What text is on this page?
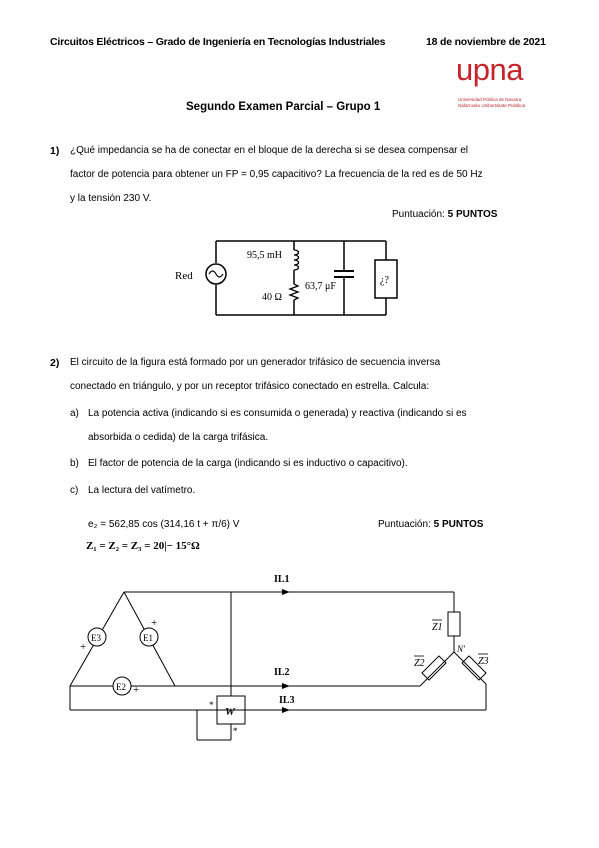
Circuitos Eléctricos – Grado de Ingeniería en Tecnologías Industriales	18 de noviembre de 2021
upna
Universidad Pública de Navarra
Nafarroako Unibertsitate Publikoa
Segundo Examen Parcial – Grupo 1
1) ¿Qué impedancia se ha de conectar en el bloque de la derecha si se desea compensar el
factor de potencia para obtener un FP = 0,95 capacitivo? La frecuencia de la red es de 50 Hz
y la tensión 230 V.
Puntuación: 5 PUNTOS
Red
95,5 mH
40 Ω
63,7 μF
¿?
2) El circuito de la figura está formado por un generador trifásico de secuencia inversa
conectado en triángulo, y por un receptor trifásico conectado en estrella. Calcula:
a) La potencia activa (indicando si es consumida o generada) y reactiva (indicando si es
absorbida o cedida) de la carga trifásica.
b) El factor de potencia de la carga (indicando si es inductivo o capacitivo).
c) La lectura del vatímetro.
e₂ = 562,85 cos (314,16 t + π/6) V	Puntuación: 5 PUNTOS
Z₁ = Z₂ = Z₃ = 20|− 15°Ω
E3	E1
E2
+
+
+
IL1
IL2
IL3
Z1
Z2	Z3
N'
W
*
*
